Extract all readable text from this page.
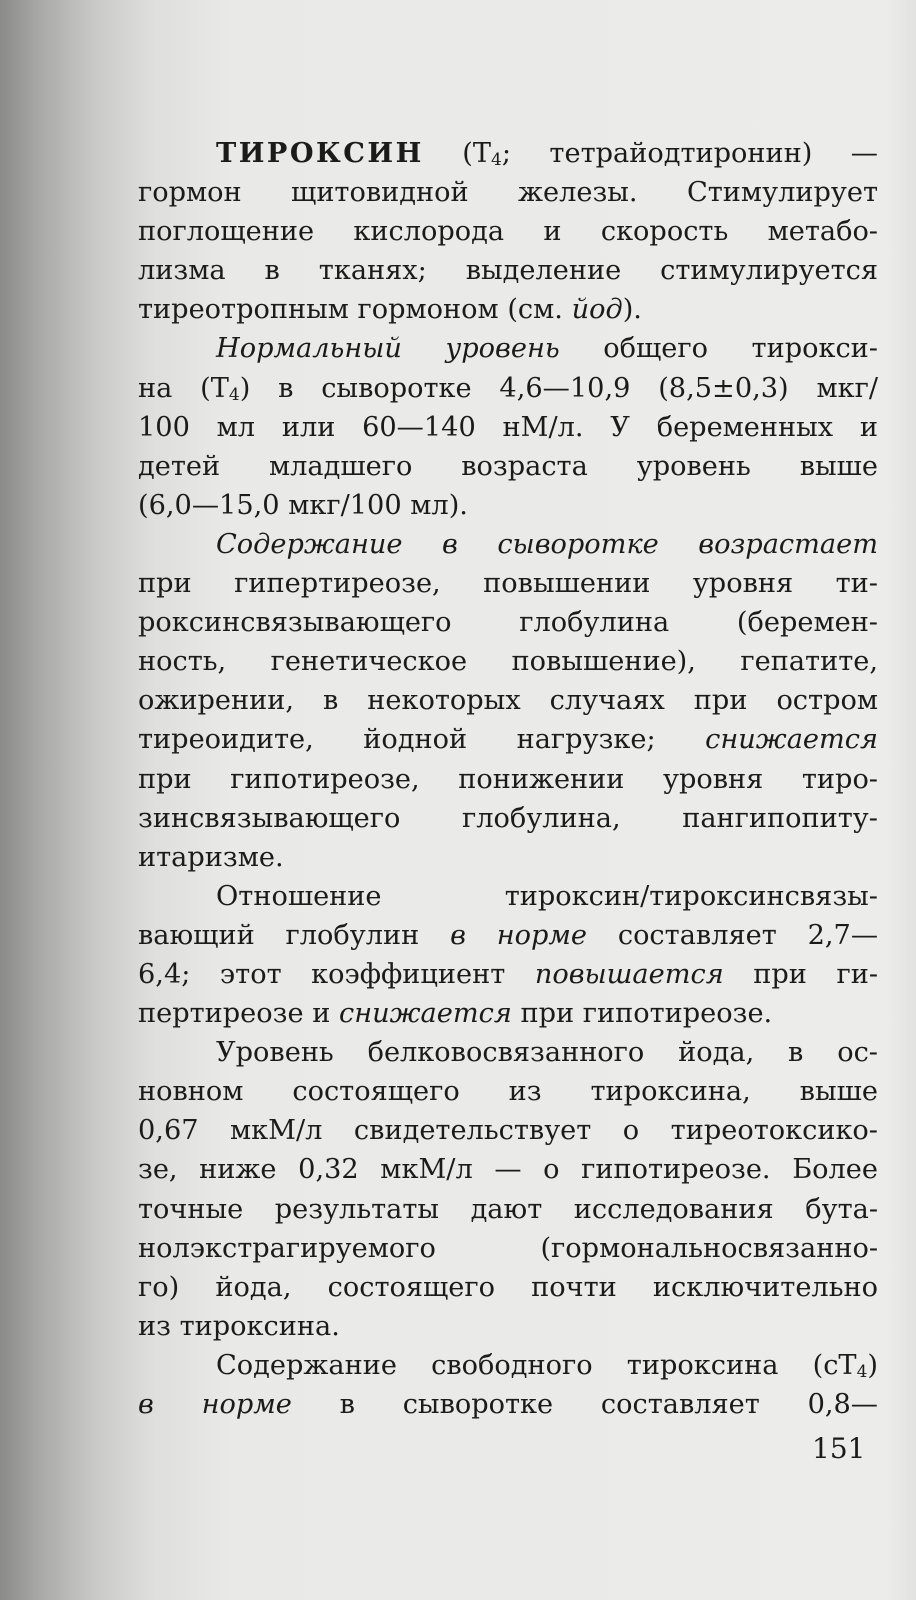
ТИРОКСИН ($Т_4$; тетрайодтиронин) —
гормон щитовидной железы. Стимулирует
поглощение кислорода и скорость метабо-
лизма в тканях; выделение стимулируется
тиреотропным гормоном (см. йод).
Нормальный уровень общего тирокси-
на $(Т_4)$ в сыворотке 4,6—10,9 (8,5±0,3) мкг/
100 мл или 60—140 нМ/л. У беременных и
детей младшего возраста уровень выше
(6,0—15,0 мкг/100 мл).
Содержание в сыворотке возрастает
при гипертиреозе, повышении уровня ти-
роксинсвязывающего глобулина (беремен-
ность, генетическое повышение), гепатите,
ожирении, в некоторых случаях при остром
тиреоидите, йодной нагрузке; снижается
при гипотиреозе, понижении уровня тиро-
зинсвязывающего глобулина, пангипопиту-
итаризме.
Отношение тироксин/тироксинсвязы-
вающий глобулин в норме составляет 2,7—
6,4; этот коэффициент повышается при ги-
пертиреозе и снижается при гипотиреозе.
Уровень белковосвязанного йода, в ос-
новном состоящего из тироксина, выше
0,67 мкМ/л свидетельствует о тиреотоксико-
зе, ниже 0,32 мкМ/л — о гипотиреозе. Более
точные результаты дают исследования бута-
нолэкстрагируемого (гормональносвязанно-
го) йода, состоящего почти исключительно
из тироксина.
Содержание свободного тироксина $(сТ_4)$
в норме в сыворотке составляет 0,8—
151
